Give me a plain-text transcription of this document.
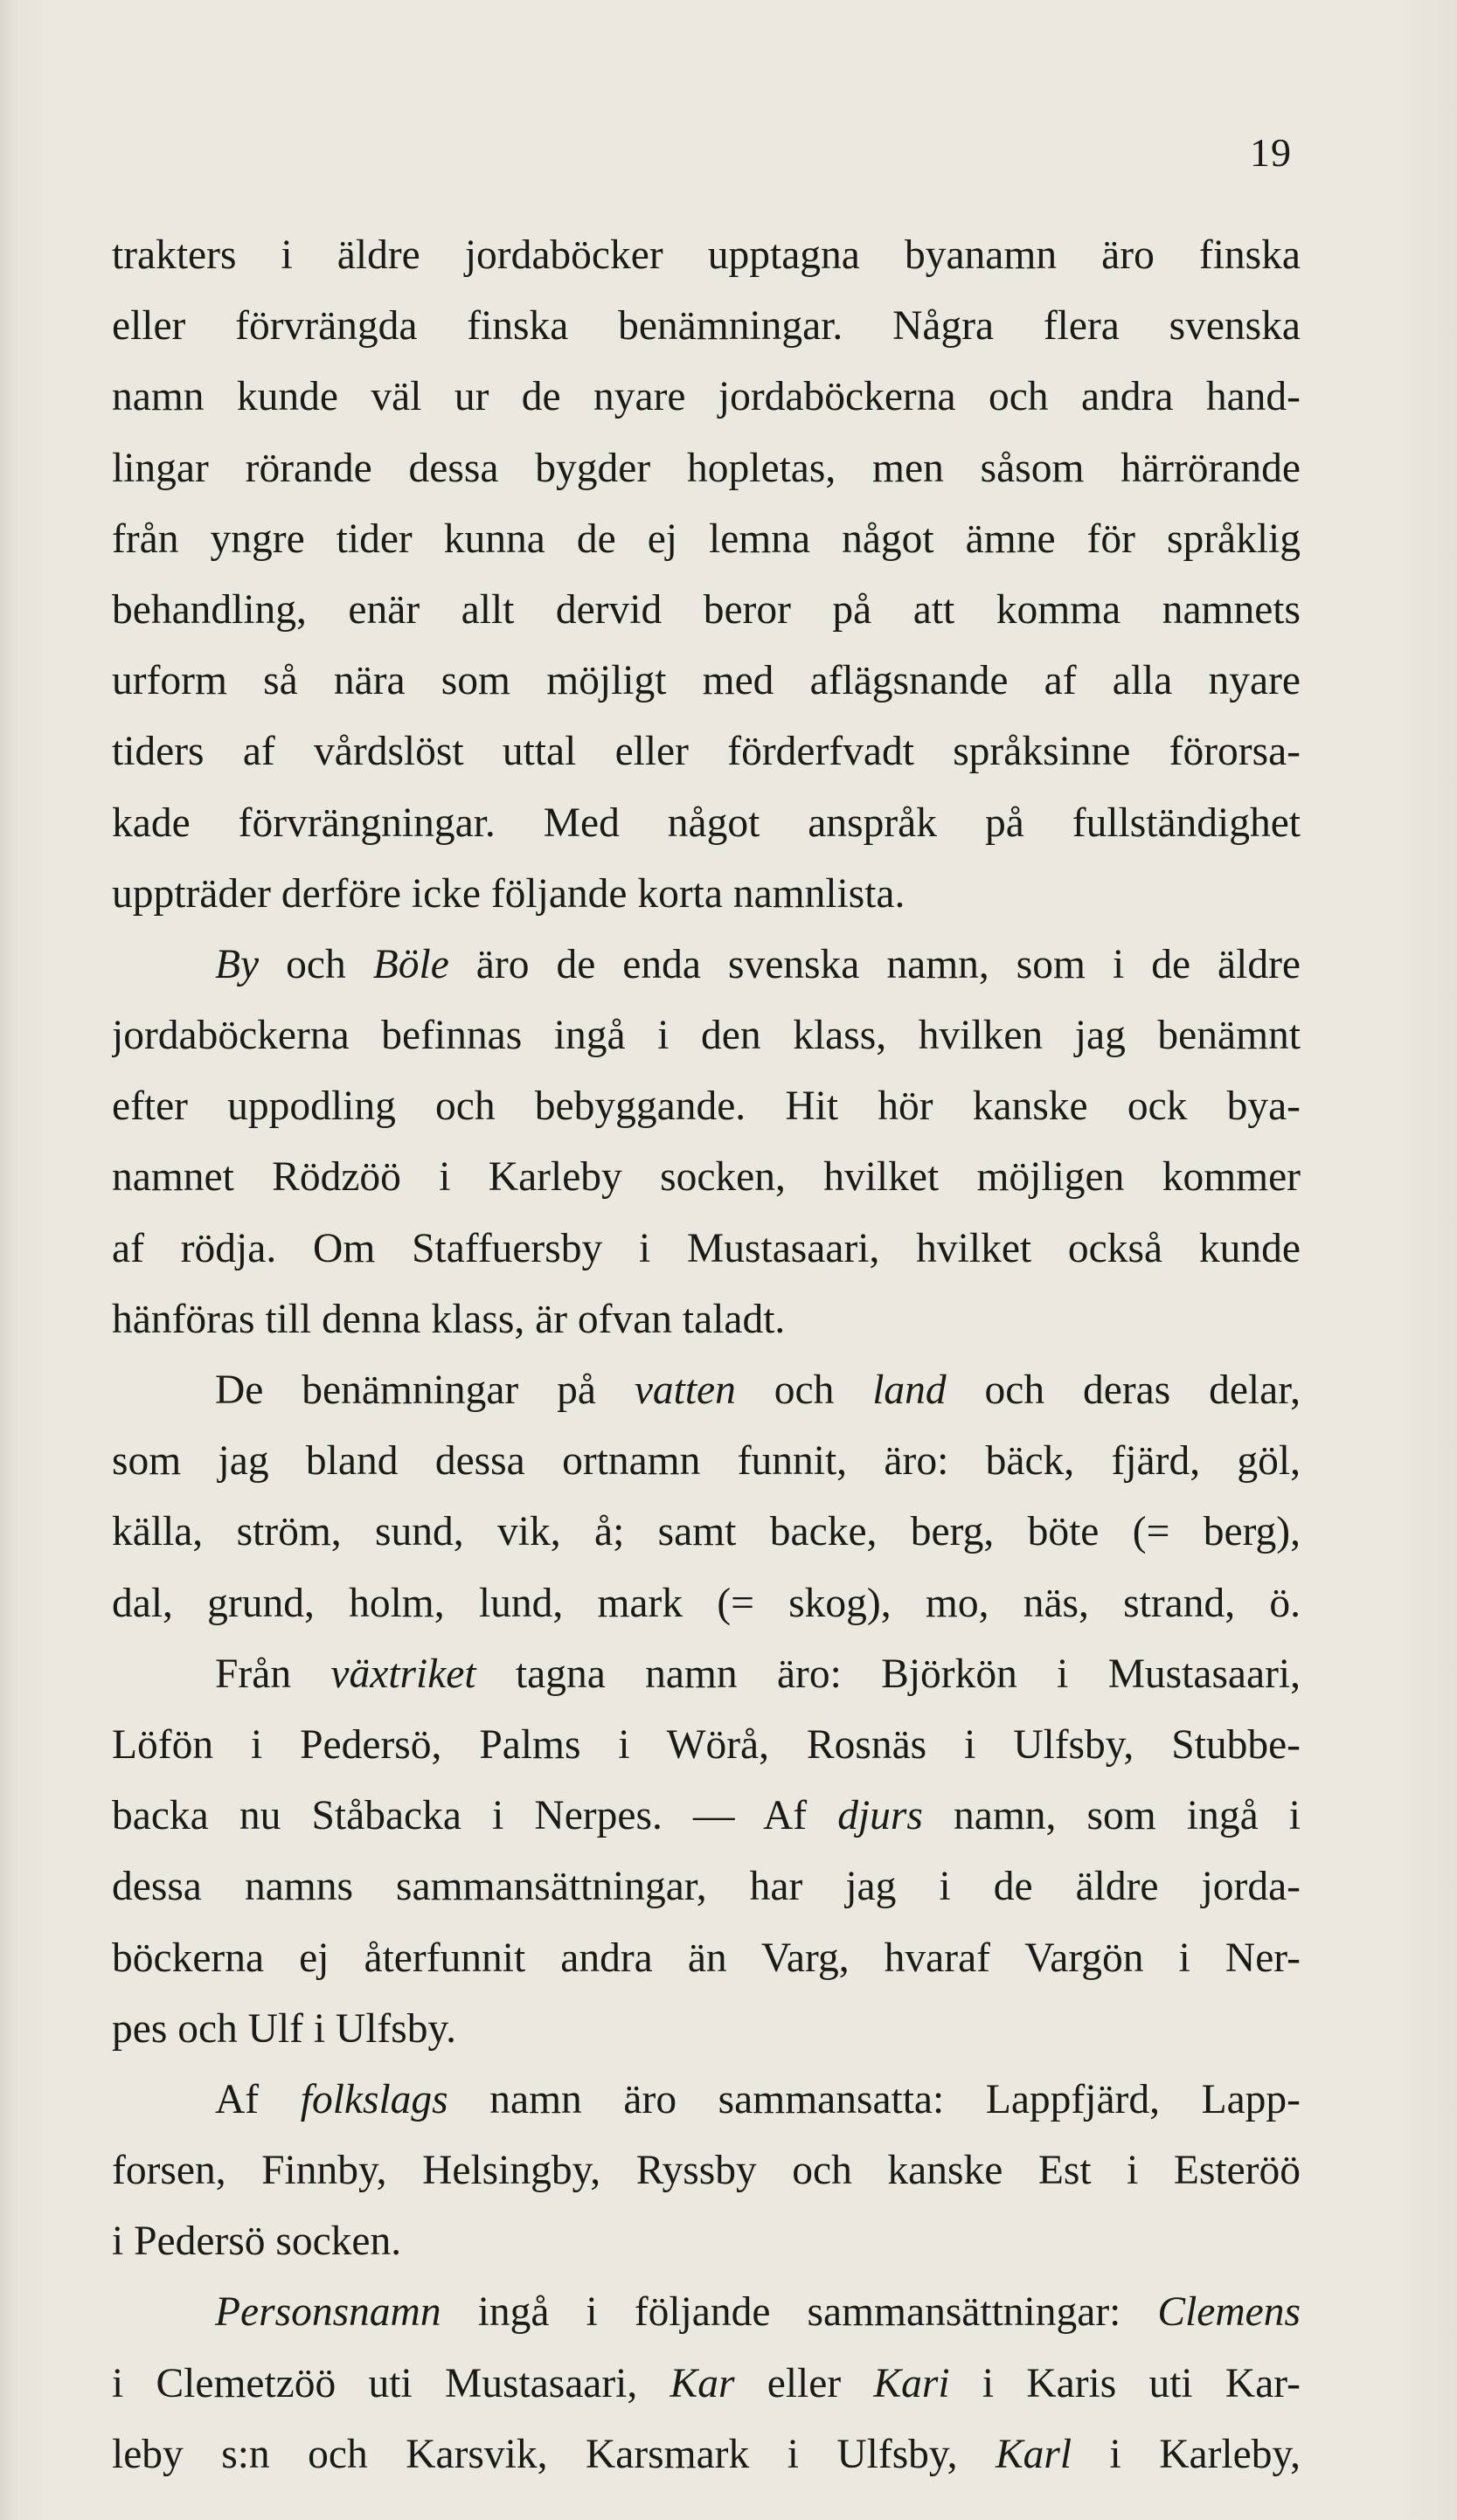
19
trakters i äldre jordaböcker upptagna byanamn äro finska
eller förvrängda finska benämningar. Några flera svenska
namn kunde väl ur de nyare jordaböckerna och andra hand-
lingar rörande dessa bygder hopletas, men såsom härrörande
från yngre tider kunna de ej lemna något ämne för språklig
behandling, enär allt dervid beror på att komma namnets
urform så nära som möjligt med aflägsnande af alla nyare
tiders af vårdslöst uttal eller förderfvadt språksinne förorsa-
kade förvrängningar. Med något anspråk på fullständighet
uppträder derföre icke följande korta namnlista.
By och Böle äro de enda svenska namn, som i de äldre
jordaböckerna befinnas ingå i den klass, hvilken jag benämnt
efter uppodling och bebyggande. Hit hör kanske ock bya-
namnet Rödzöö i Karleby socken, hvilket möjligen kommer
af rödja. Om Staffuersby i Mustasaari, hvilket också kunde
hänföras till denna klass, är ofvan taladt.
De benämningar på vatten och land och deras delar,
som jag bland dessa ortnamn funnit, äro: bäck, fjärd, göl,
källa, ström, sund, vik, å; samt backe, berg, böte (= berg),
dal, grund, holm, lund, mark (= skog), mo, näs, strand, ö.
Från växtriket tagna namn äro: Björkön i Mustasaari,
Löfön i Pedersö, Palms i Wörå, Rosnäs i Ulfsby, Stubbe-
backa nu Ståbacka i Nerpes. — Af djurs namn, som ingå i
dessa namns sammansättningar, har jag i de äldre jorda-
böckerna ej återfunnit andra än Varg, hvaraf Vargön i Ner-
pes och Ulf i Ulfsby.
Af folkslags namn äro sammansatta: Lappfjärd, Lapp-
forsen, Finnby, Helsingby, Ryssby och kanske Est i Esteröö
i Pedersö socken.
Personsnamn ingå i följande sammansättningar: Clemens
i Clemetzöö uti Mustasaari, Kar eller Kari i Karis uti Kar-
leby s:n och Karsvik, Karsmark i Ulfsby, Karl i Karleby,
